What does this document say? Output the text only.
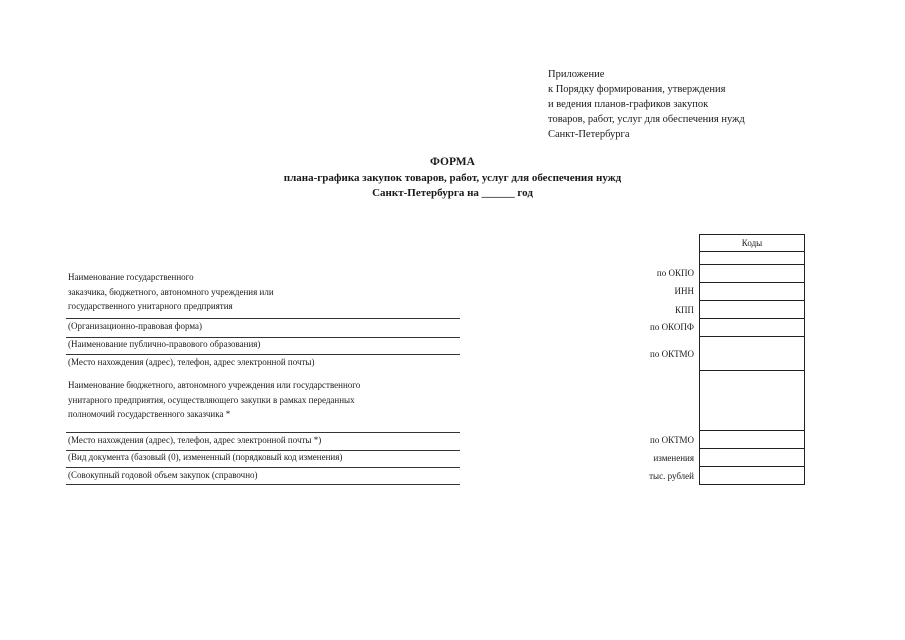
Приложение
к Порядку формирования, утверждения
и ведения планов-графиков закупок
товаров, работ, услуг для обеспечения нужд
Санкт-Петербурга
ФОРМА
плана-графика закупок товаров, работ, услуг для обеспечения нужд
Санкт-Петербурга на ______ год
Наименование государственного
заказчика, бюджетного, автономного учреждения или
государственного унитарного предприятия
(Организационно-правовая форма)
(Наименование публично-правового образования)
(Место нахождения (адрес), телефон, адрес электронной почты)
Наименование бюджетного, автономного учреждения или государственного
унитарного предприятия, осуществляющего закупки в рамках переданных
полномочий государственного заказчика *
(Место нахождения (адрес), телефон, адрес электронной почты *)
(Вид документа (базовый (0), измененный (порядковый код изменения)
(Совокупный годовой объем закупок (справочно)
по ОКПО
ИНН
КПП
по ОКОПФ
по ОКТМО
по ОКТМО
изменения
тыс. рублей
Коды
